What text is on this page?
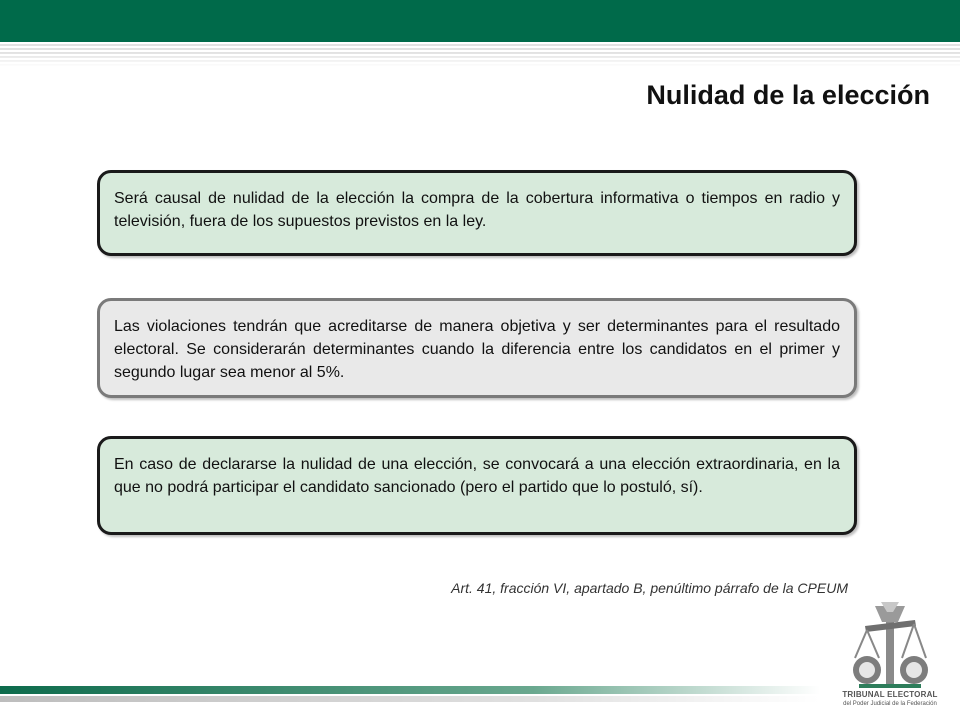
Nulidad de la elección

Será causal de nulidad de la elección la compra de la cobertura informativa o tiempos en radio y televisión, fuera de los supuestos previstos en la ley.

Las violaciones tendrán que acreditarse de manera objetiva y ser determinantes para el resultado electoral. Se considerarán determinantes cuando la diferencia entre los candidatos en el primer y segundo lugar sea menor al 5%.

En caso de declararse la nulidad de una elección, se convocará a una elección extraordinaria, en la que no podrá participar el candidato sancionado (pero el partido que lo postuló, sí).

Art. 41, fracción VI, apartado B, penúltimo párrafo de la CPEUM
TRIBUNAL ELECTORAL
del Poder Judicial de la Federación
